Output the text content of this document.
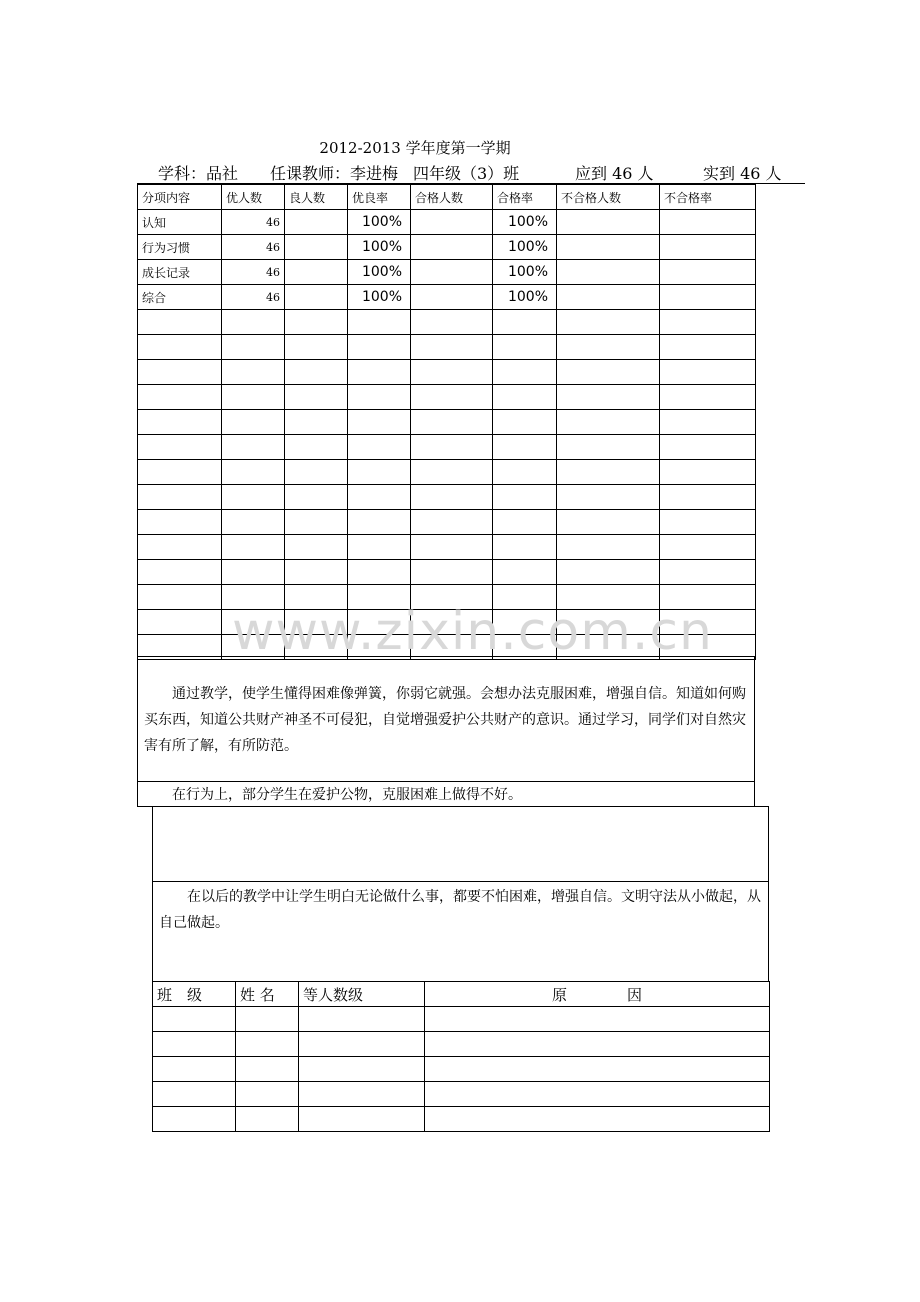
2012-2013 学年度第一学期
学科：品社 任课教师：李进梅 四年级（3）班	应到 46 人	实到 46 人
分项内容	优人数	良人数	优良率	合格人数	合格率	不合格人数	不合格率
认知	46		100%		100%		
行为习惯	46		100%		100%		
成长记录	46		100%		100%		
综合	46		100%		100%		

www.zixin.com.cn
通过教学，使学生懂得困难像弹簧，你弱它就强。会想办法克服困难，增强自信。知道如何购买东西，知道公共财产神圣不可侵犯，自觉增强爱护公共财产的意识。通过学习，同学们对自然灾害有所了解，有所防范。
在行为上，部分学生在爱护公物，克服困难上做得不好。
在以后的教学中让学生明白无论做什么事，都要不怕困难，增强自信。文明守法从小做起，从自己做起。
班　级	姓 名	等人数级	原　　　　因
